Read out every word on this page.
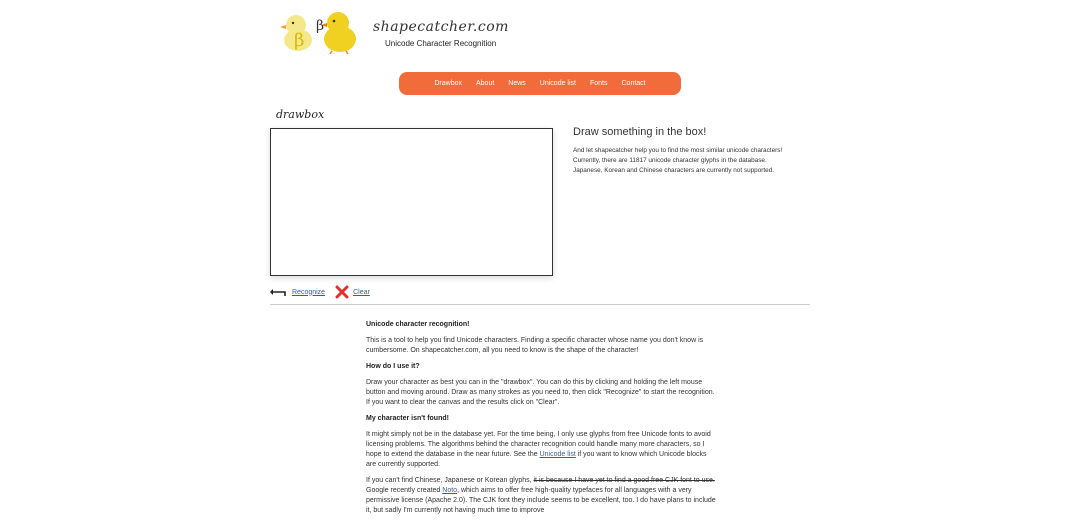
β
β	shapecatcher.com
Unicode Character Recognition
Drawbox	About	News	Unicode list	Fonts	Contact
drawbox
Draw something in the box!

And let shapecatcher help you to find the most similar unicode characters!

Currently, there are 11817 unicode character glyphs in the database.

Japanese, Korean and Chinese characters are currently not supported.

Recognize	Clear
Unicode character recognition!

This is a tool to help you find Unicode characters. Finding a specific character whose name you don't know is cumbersome. On shapecatcher.com, all you need to know is the shape of the character!

How do I use it?

Draw your character as best you can in the "drawbox". You can do this by clicking and holding the left mouse button and moving around. Draw as many strokes as you need to, then click "Recognize" to start the recognition. If you want to clear the canvas and the results click on "Clear".

My character isn't found!

It might simply not be in the database yet. For the time being, I only use glyphs from free Unicode fonts to avoid licensing problems. The algorithms behind the character recognition could handle many more characters, so I hope to extend the database in the near future. See the Unicode list if you want to know which Unicode blocks are currently supported.

If you can't find Chinese, Japanese or Korean glyphs, it is because I have yet to find a good free CJK font to use. Google recently created Noto, which aims to offer free high-quality typefaces for all languages with a very permissive license (Apache 2.0). The CJK font they include seems to be excellent, too. I do have plans to include it, but sadly I'm currently not having much time to improve
